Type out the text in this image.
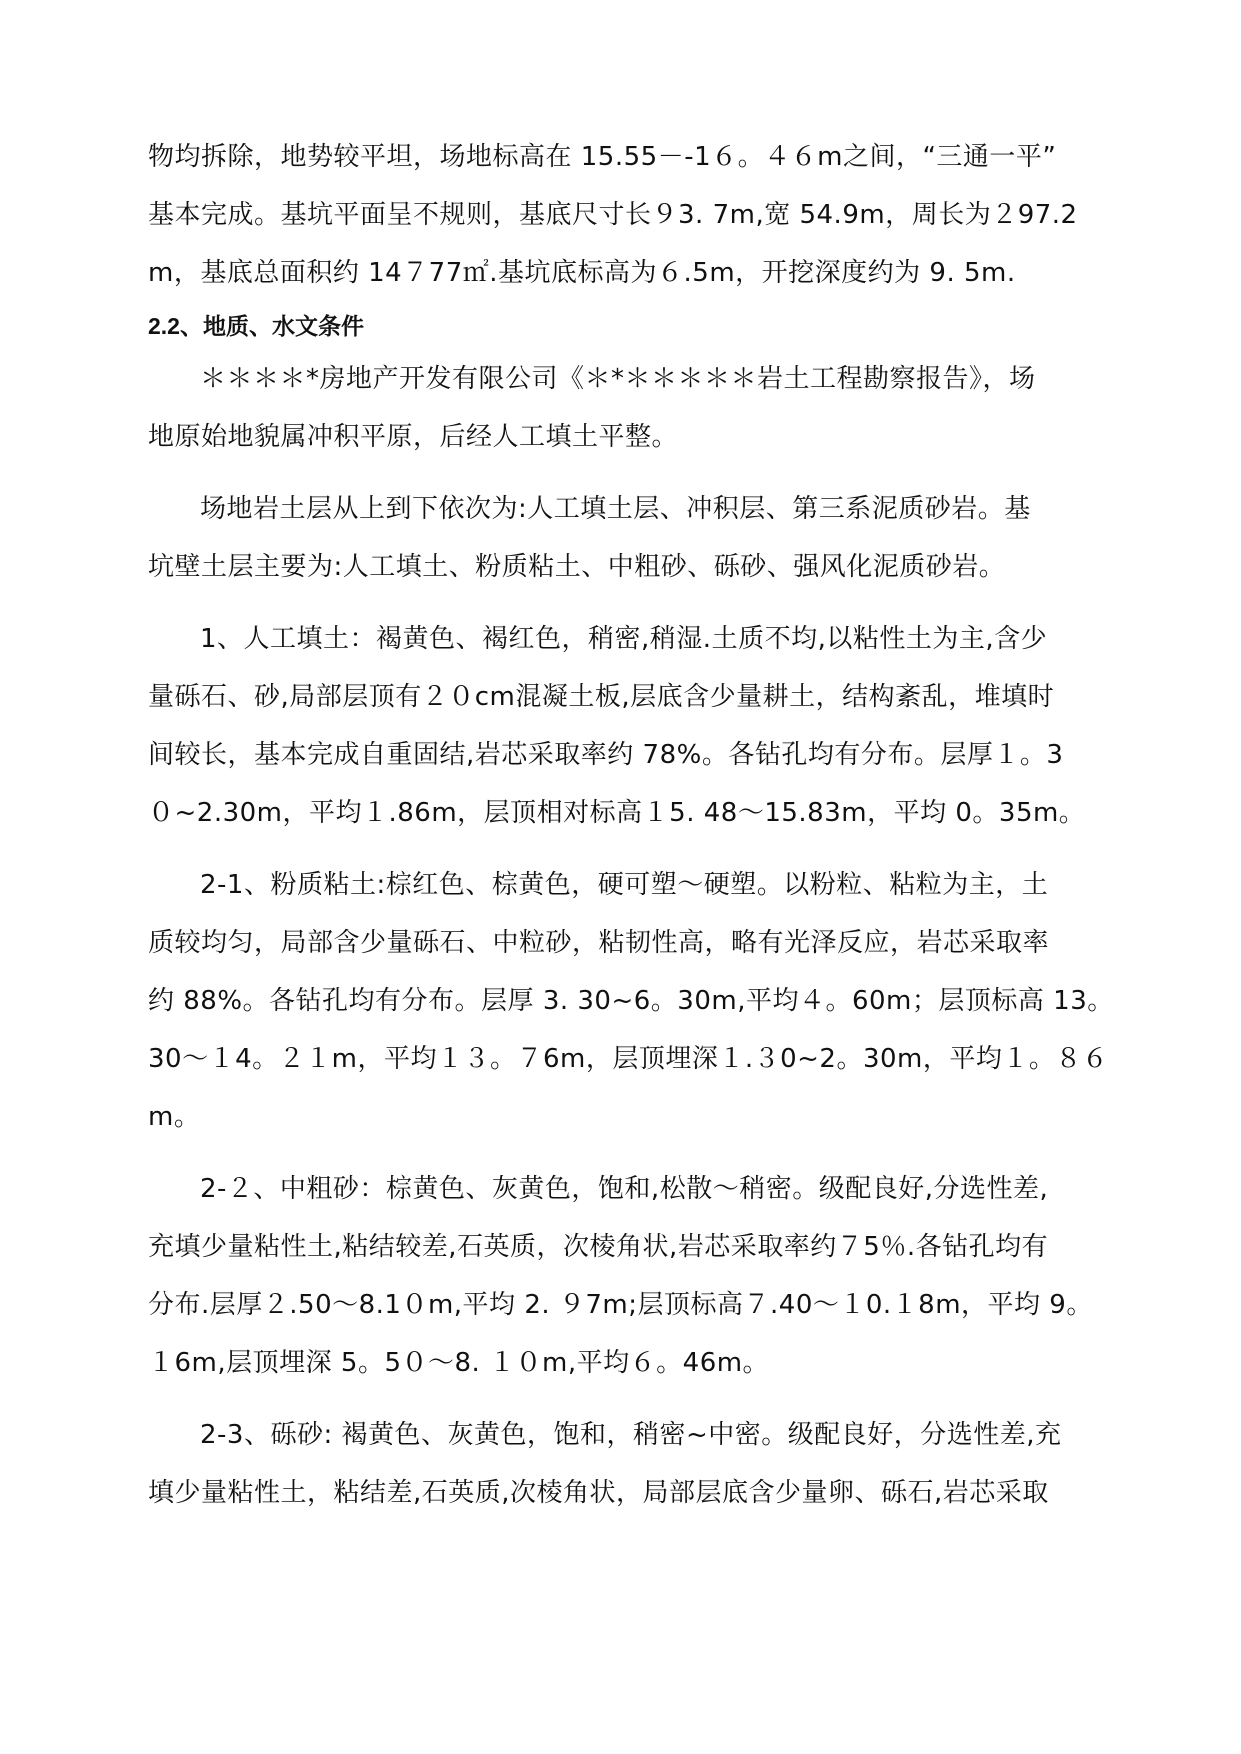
物均拆除，地势较平坦，场地标高在 15.55－-1６。４６m之间，“三通一平”
基本完成。基坑平面呈不规则，基底尺寸长９3. 7m,宽 54.9m，周长为２97.2
m，基底总面积约 14７77㎡.基坑底标高为６.5m，开挖深度约为 9. 5m.
2.2、地质、水文条件
＊＊＊＊*房地产开发有限公司《＊*＊＊＊＊＊岩土工程勘察报告》，场
地原始地貌属冲积平原，后经人工填土平整。
场地岩土层从上到下依次为:人工填土层、冲积层、第三系泥质砂岩。基
坑壁土层主要为:人工填土、粉质粘土、中粗砂、砾砂、强风化泥质砂岩。
1、人工填土：褐黄色、褐红色，稍密,稍湿.土质不均,以粘性土为主,含少
量砾石、砂,局部层顶有２０cm混凝土板,层底含少量耕土，结构紊乱，堆填时
间较长，基本完成自重固结,岩芯采取率约 78%。各钻孔均有分布。层厚１。3
０~2.30m，平均１.86m，层顶相对标高１5. 48～15.83m，平均 0。35m。
2-1、粉质粘土:棕红色、棕黄色，硬可塑～硬塑。以粉粒、粘粒为主，土
质较均匀，局部含少量砾石、中粒砂，粘韧性高，略有光泽反应，岩芯采取率
约 88%。各钻孔均有分布。层厚 3. 30~6。30m,平均４。60m；层顶标高 13。
30～１4。２１m，平均１３。７6m，层顶埋深１.３0~2。30m，平均１。８６
m。
2-２、中粗砂：棕黄色、灰黄色，饱和,松散～稍密。级配良好,分选性差,
充填少量粘性土,粘结较差,石英质，次棱角状,岩芯采取率约７5％.各钻孔均有
分布.层厚２.50～8.1０m,平均 2. ９7m;层顶标高７.40～１0.１8m，平均 9。
１6m,层顶埋深 5。5０～8. １０m,平均６。46m。
2-3、砾砂: 褐黄色、灰黄色，饱和，稍密~中密。级配良好，分选性差,充
填少量粘性土，粘结差,石英质,次棱角状，局部层底含少量卵、砾石,岩芯采取
